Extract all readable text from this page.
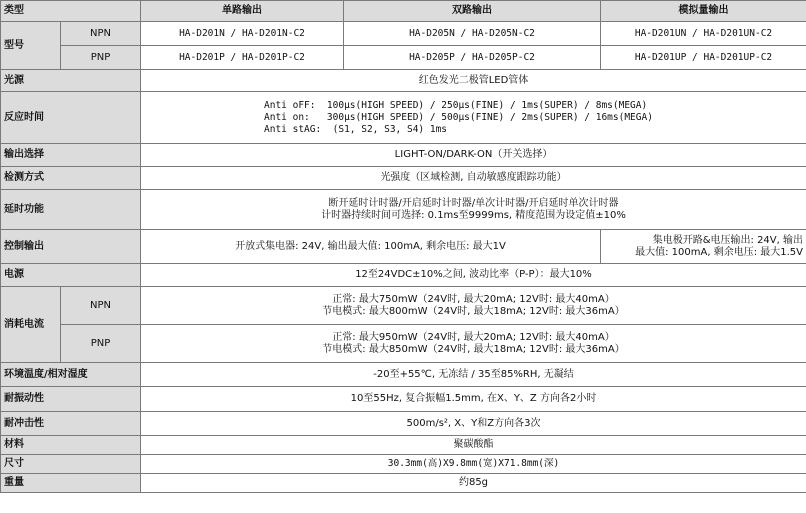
类型		单路输出	双路输出	模拟量输出
型号	NPN	HA-D201N / HA-D201N-C2	HA-D205N / HA-D205N-C2	HA-D201UN / HA-D201UN-C2
	PNP	HA-D201P / HA-D201P-C2	HA-D205P / HA-D205P-C2	HA-D201UP / HA-D201UP-C2
光源		红色发光二极管LED管体		
反应时间		Anti oFF:  100μs(HIGH SPEED) / 250μs(FINE) / 1ms(SUPER) / 8ms(MEGA)
Anti on:   300μs(HIGH SPEED) / 500μs(FINE) / 2ms(SUPER) / 16ms(MEGA)
Anti stAG:  (S1, S2, S3, S4) 1ms		

输出选择		LIGHT-ON/DARK-ON（开关选择）		
检测方式		光强度（区域检测, 自动敏感度跟踪功能）		
延时功能		断开延时计时器/开启延时计时器/单次计时器/开启延时单次计时器
计时器持续时间可选择: 0.1ms至9999ms, 精度范围为设定值±10%		

控制输出		开放式集电器: 24V, 输出最大值: 100mA, 剩余电压: 最大1V		集电极开路&电压输出: 24V, 输出
最大值: 100mA, 剩余电压: 最大1.5V

电源		12至24VDC±10%之间, 波动比率（P-P）：最大10%		
消耗电流	NPN	正常: 最大750mW（24V时, 最大20mA; 12V时: 最大40mA）
节电模式: 最大800mW（24V时, 最大18mA; 12V时: 最大36mA）		

	PNP	正常: 最大950mW（24V时, 最大20mA; 12V时: 最大40mA）
节电模式: 最大850mW（24V时, 最大18mA; 12V时: 最大36mA）		

环境温度/相对湿度		-20至+55℃, 无冻结 / 35至85%RH, 无凝结		
耐振动性		10至55Hz, 复合振幅1.5mm, 在X、Y、Z 方向各2小时		
耐冲击性		500m/s², X、Y和Z方向各3次		
材料		聚碳酸酯		
尺寸		30.3mm(高)X9.8mm(宽)X71.8mm(深)		
重量		约85g		
